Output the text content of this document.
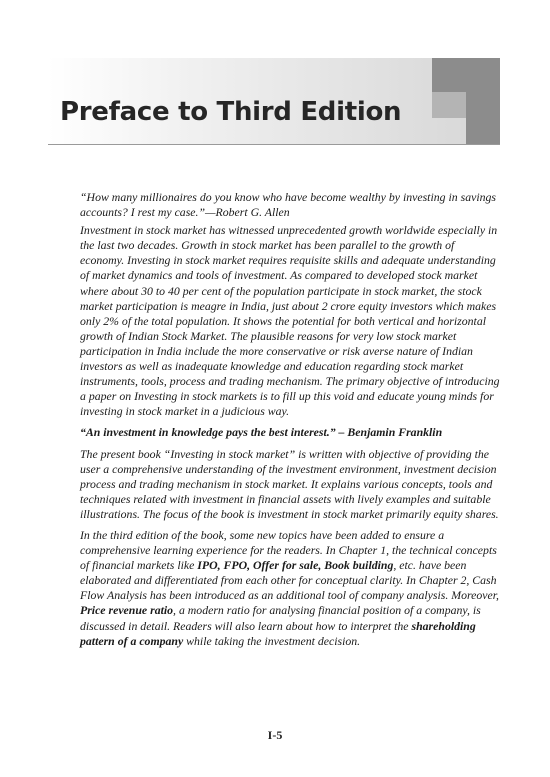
Preface to Third Edition

“How many millionaires do you know who have become wealthy by investing in savings accounts? I rest my case.”—Robert G. Allen

Investment in stock market has witnessed unprecedented growth worldwide especially in the last two decades. Growth in stock market has been parallel to the growth of economy. Investing in stock market requires requisite skills and adequate understanding of market dynamics and tools of investment. As compared to developed stock market where about 30 to 40 per cent of the population participate in stock market, the stock market participation is meagre in India, just about 2 crore equity investors which makes only 2% of the total population. It shows the potential for both vertical and horizontal growth of Indian Stock Market. The plausible reasons for very low stock market participation in India include the more conservative or risk averse nature of Indian investors as well as inadequate knowledge and education regarding stock market instruments, tools, process and trading mechanism. The primary objective of introducing a paper on Investing in stock markets is to fill up this void and educate young minds for investing in stock market in a judicious way.

“An investment in knowledge pays the best interest.” – Benjamin Franklin

The present book “Investing in stock market” is written with objective of providing the user a comprehensive understanding of the investment environment, investment decision process and trading mechanism in stock market. It explains various concepts, tools and techniques related with investment in financial assets with lively examples and suitable illustrations. The focus of the book is investment in stock market primarily equity shares.

In the third edition of the book, some new topics have been added to ensure a comprehensive learning experience for the readers. In Chapter 1, the technical concepts of financial markets like IPO, FPO, Offer for sale, Book building, etc. have been elaborated and differentiated from each other for conceptual clarity. In Chapter 2, Cash Flow Analysis has been introduced as an additional tool of company analysis. Moreover, Price revenue ratio, a modern ratio for analysing financial position of a company, is discussed in detail. Readers will also learn about how to interpret the shareholding pattern of a company while taking the investment decision.

I-5
